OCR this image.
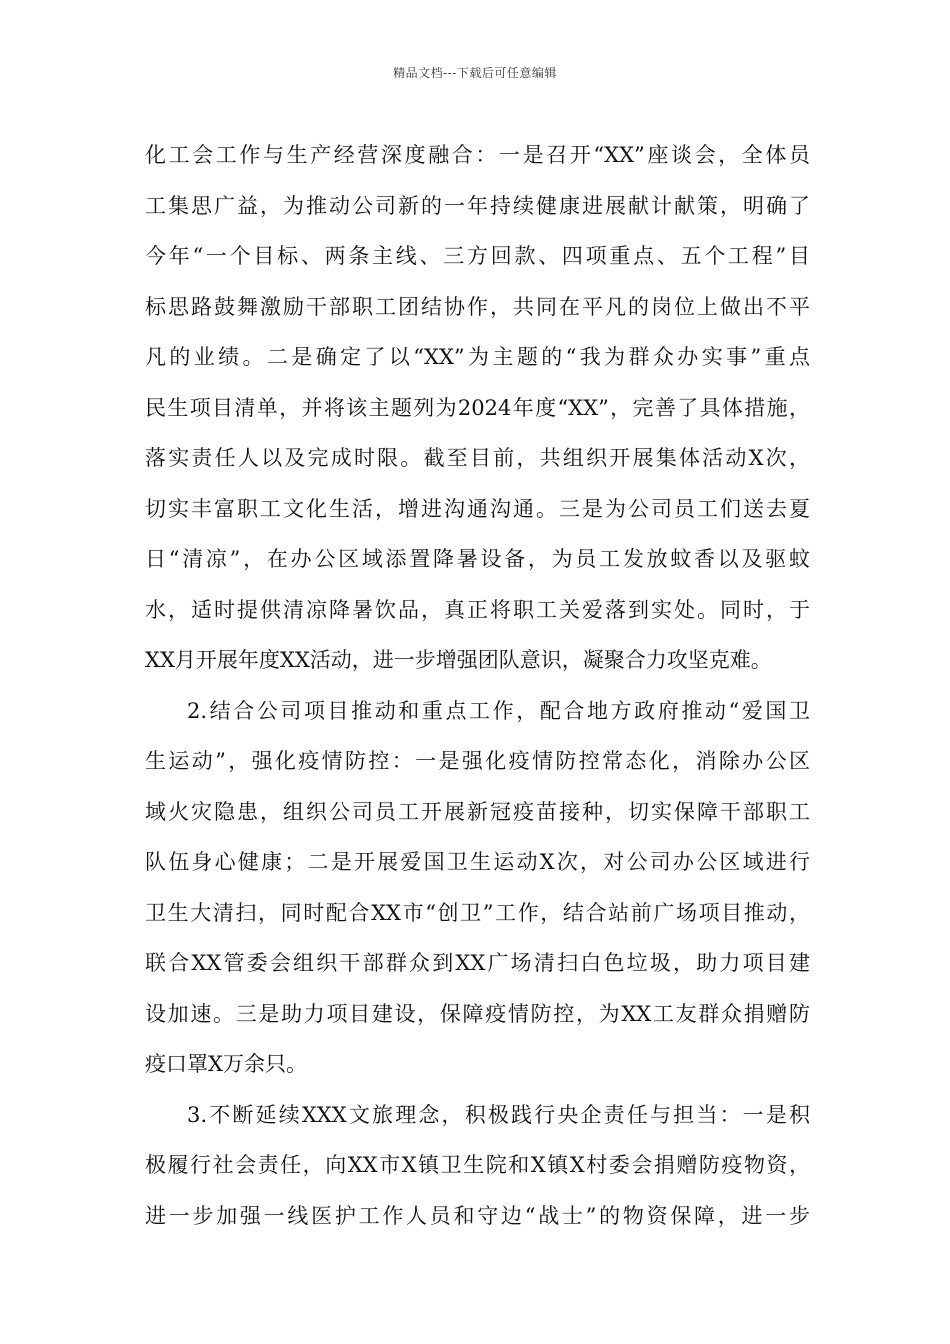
精品文档---下载后可任意编辑
化工会工作与生产经营深度融合：一是召开“XX”座谈会，全体员
工集思广益，为推动公司新的一年持续健康进展献计献策，明确了
今年“一个目标、两条主线、三方回款、四项重点、五个工程”目
标思路鼓舞激励干部职工团结协作，共同在平凡的岗位上做出不平
凡的业绩。二是确定了以“XX”为主题的“我为群众办实事”重点
民生项目清单，并将该主题列为2024年度“XX”，完善了具体措施，
落实责任人以及完成时限。截至目前，共组织开展集体活动X次，
切实丰富职工文化生活，增进沟通沟通。三是为公司员工们送去夏
日“清凉”，在办公区域添置降暑设备，为员工发放蚊香以及驱蚊
水，适时提供清凉降暑饮品，真正将职工关爱落到实处。同时，于
XX月开展年度XX活动，进一步增强团队意识，凝聚合力攻坚克难。
2.结合公司项目推动和重点工作，配合地方政府推动“爱国卫
生运动”，强化疫情防控：一是强化疫情防控常态化，消除办公区
域火灾隐患，组织公司员工开展新冠疫苗接种，切实保障干部职工
队伍身心健康；二是开展爱国卫生运动X次，对公司办公区域进行
卫生大清扫，同时配合XX市“创卫”工作，结合站前广场项目推动，
联合XX管委会组织干部群众到XX广场清扫白色垃圾，助力项目建
设加速。三是助力项目建设，保障疫情防控，为XX工友群众捐赠防
疫口罩X万余只。
3.不断延续XXX文旅理念，积极践行央企责任与担当：一是积
极履行社会责任，向XX市X镇卫生院和X镇X村委会捐赠防疫物资，
进一步加强一线医护工作人员和守边“战士”的物资保障，进一步
